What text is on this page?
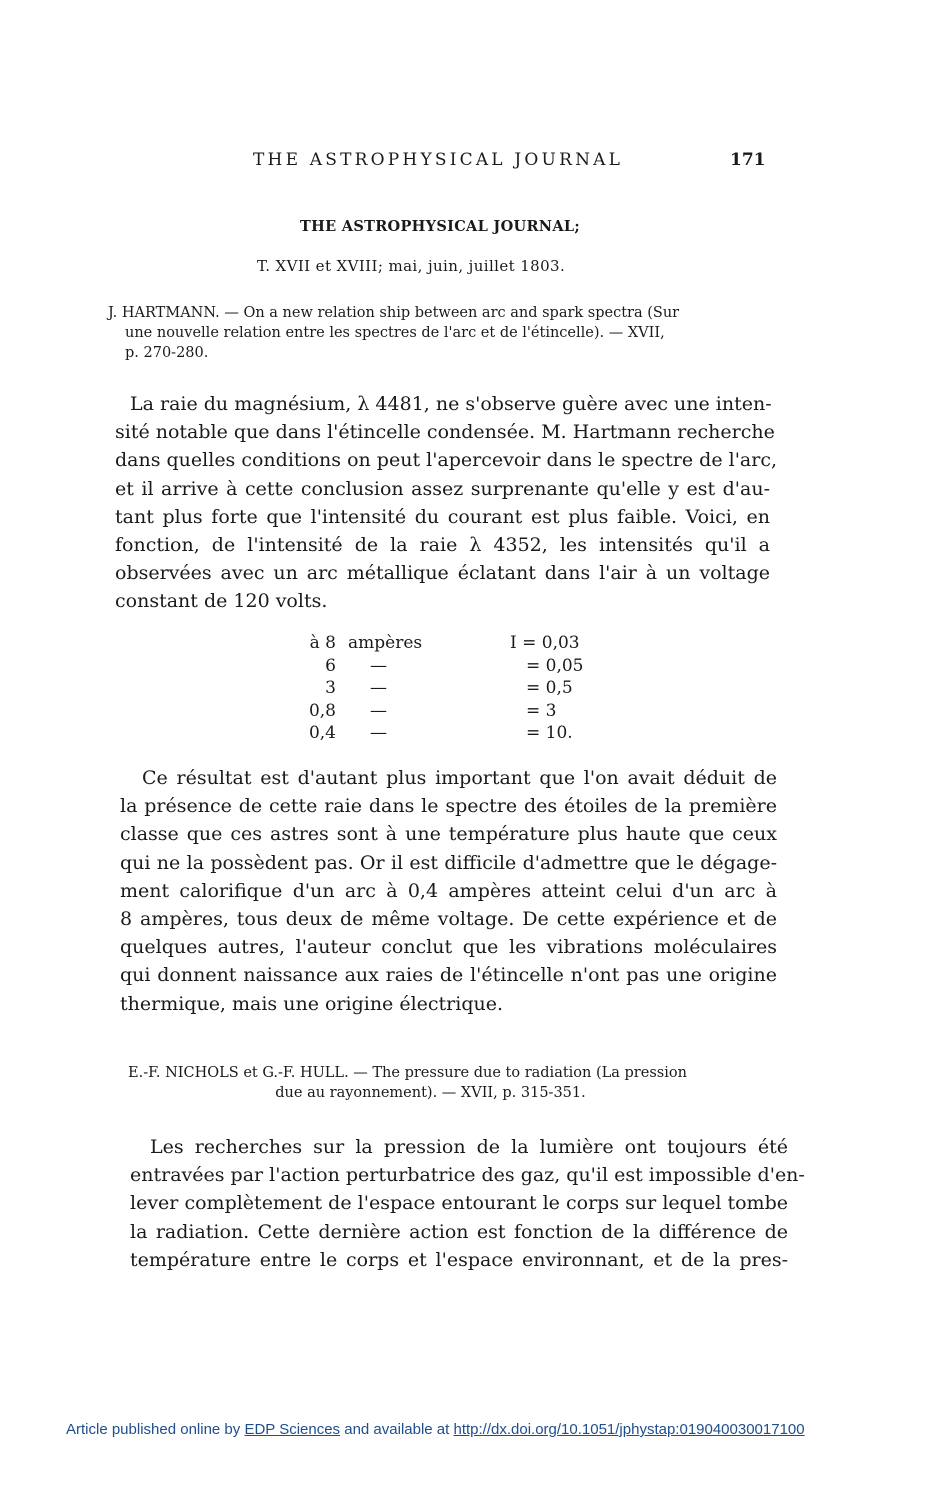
THE ASTROPHYSICAL JOURNAL	171
THE ASTROPHYSICAL JOURNAL;
T. XVII et XVIII; mai, juin, juillet 1803.
J. HARTMANN. — On a new relation ship between arc and spark spectra (Sur
une nouvelle relation entre les spectres de l'arc et de l'étincelle). — XVII,
p. 270-280.
La raie du magnésium, λ 4481, ne s'observe guère avec une inten-
sité notable que dans l'étincelle condensée. M. Hartmann recherche
dans quelles conditions on peut l'apercevoir dans le spectre de l'arc,
et il arrive à cette conclusion assez surprenante qu'elle y est d'au-
tant plus forte que l'intensité du courant est plus faible. Voici, en
fonction, de l'intensité de la raie λ 4352, les intensités qu'il a
observées avec un arc métallique éclatant dans l'air à un voltage
constant de 120 volts.
à 8 ampères	I = 0,03
6 —	= 0,05
3 —	= 0,5
0,8 —	= 3
0,4 —	= 10.
Ce résultat est d'autant plus important que l'on avait déduit de
la présence de cette raie dans le spectre des étoiles de la première
classe que ces astres sont à une température plus haute que ceux
qui ne la possèdent pas. Or il est difficile d'admettre que le dégage-
ment calorifique d'un arc à 0,4 ampères atteint celui d'un arc à
8 ampères, tous deux de même voltage. De cette expérience et de
quelques autres, l'auteur conclut que les vibrations moléculaires
qui donnent naissance aux raies de l'étincelle n'ont pas une origine
thermique, mais une origine électrique.
E.-F. NICHOLS et G.-F. HULL. — The pressure due to radiation (La pression
due au rayonnement). — XVII, p. 315-351.
Les recherches sur la pression de la lumière ont toujours été
entravées par l'action perturbatrice des gaz, qu'il est impossible d'en-
lever complètement de l'espace entourant le corps sur lequel tombe
la radiation. Cette dernière action est fonction de la différence de
température entre le corps et l'espace environnant, et de la pres-
Article published online by EDP Sciences and available at http://dx.doi.org/10.1051/jphystap:019040030017100
